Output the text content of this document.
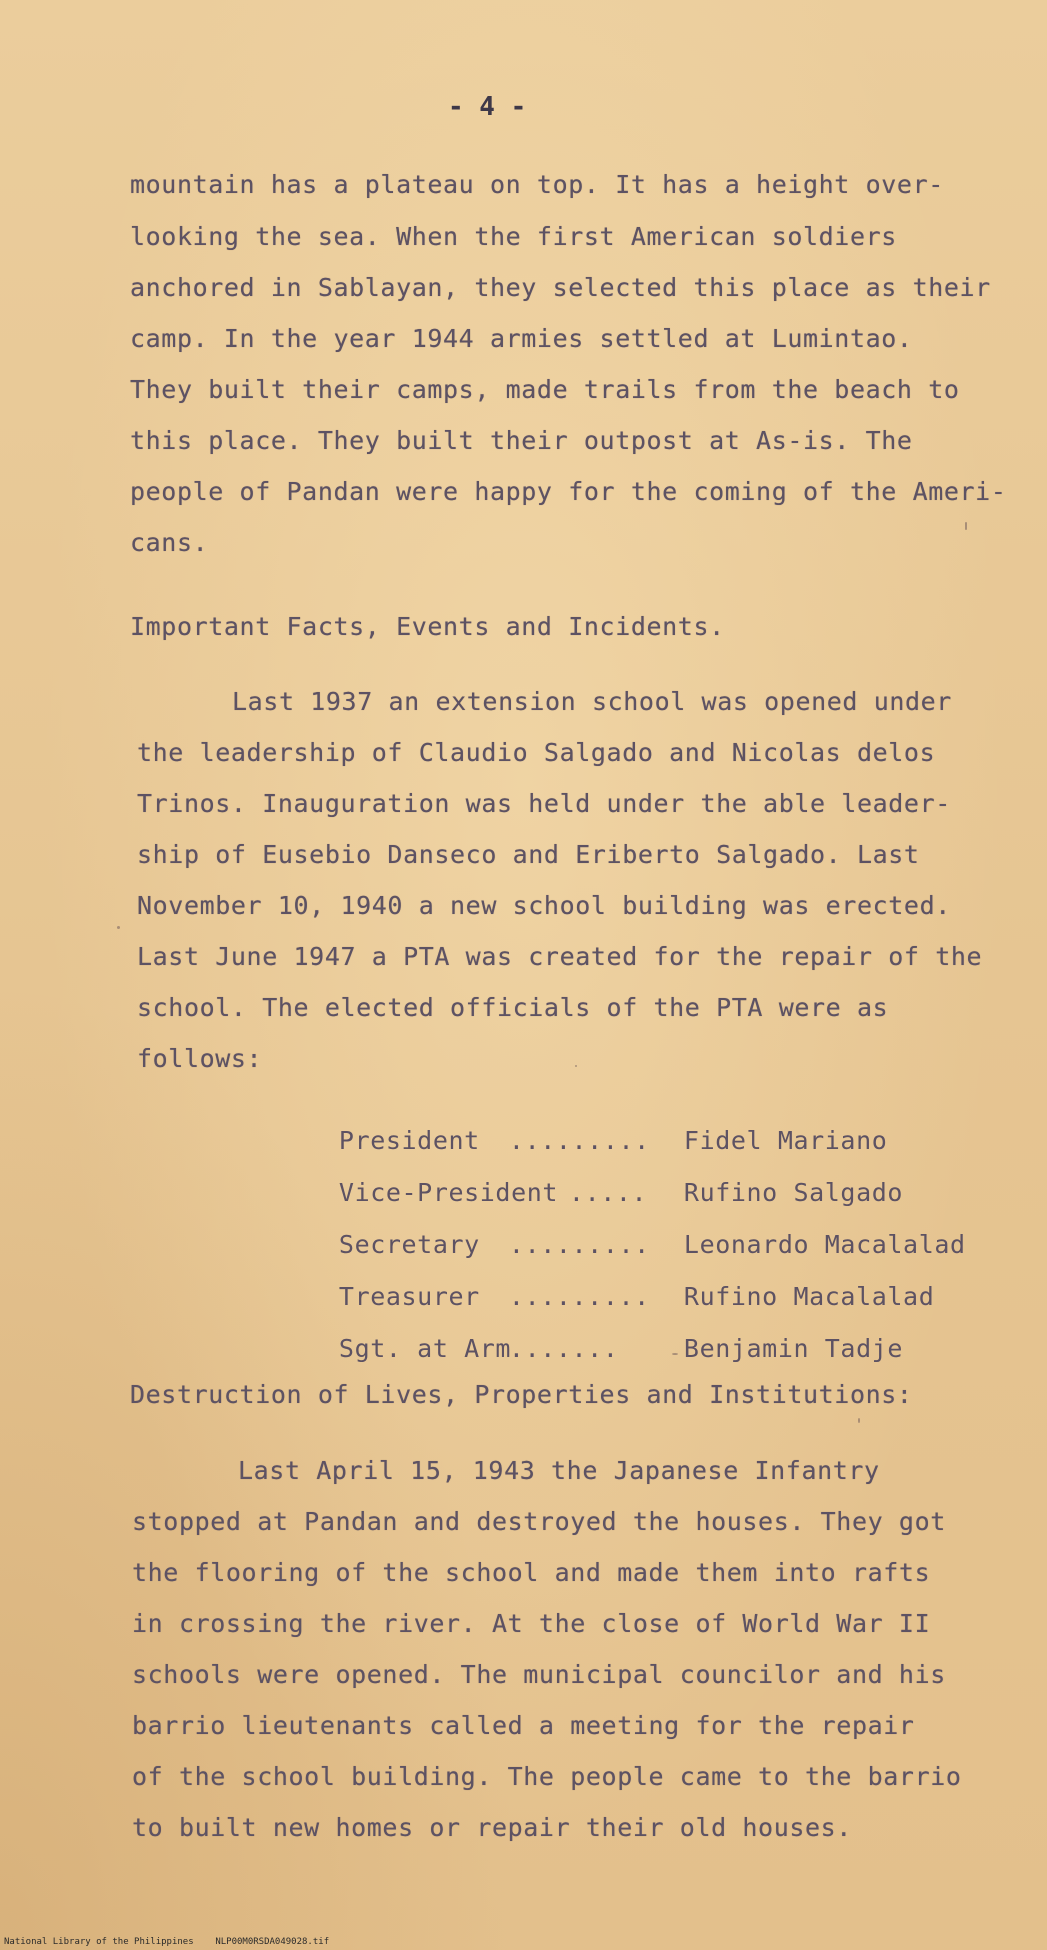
- 4 -
mountain has a plateau on top. It has a height over-
looking the sea. When the first American soldiers
anchored in Sablayan, they selected this place as their
camp. In the year 1944 armies settled at Lumintao.
They built their camps, made trails from the beach to
this place. They built their outpost at As-is. The
people of Pandan were happy for the coming of the Ameri-
cans.
Important Facts, Events and Incidents.
Last 1937 an extension school was opened under
the leadership of Claudio Salgado and Nicolas delos
Trinos. Inauguration was held under the able leader-
ship of Eusebio Danseco and Eriberto Salgado. Last
November 10, 1940 a new school building was erected.
Last June 1947 a PTA was created for the repair of the
school. The elected officials of the PTA were as
follows:

President ......... Fidel Mariano

Vice-President ..... Rufino Salgado

Secretary ......... Leonardo Macalalad

Treasurer ......... Rufino Macalalad

Sgt. at Arm.......	Benjamin Tadje

Destruction of Lives, Properties and Institutions:
Last April 15, 1943 the Japanese Infantry
stopped at Pandan and destroyed the houses. They got
the flooring of the school and made them into rafts
in crossing the river. At the close of World War II
schools were opened. The municipal councilor and his
barrio lieutenants called a meeting for the repair
of the school building. The people came to the barrio
to built new homes or repair their old houses.
National Library of the Philippines    NLP00M0RSDA049028.tif
